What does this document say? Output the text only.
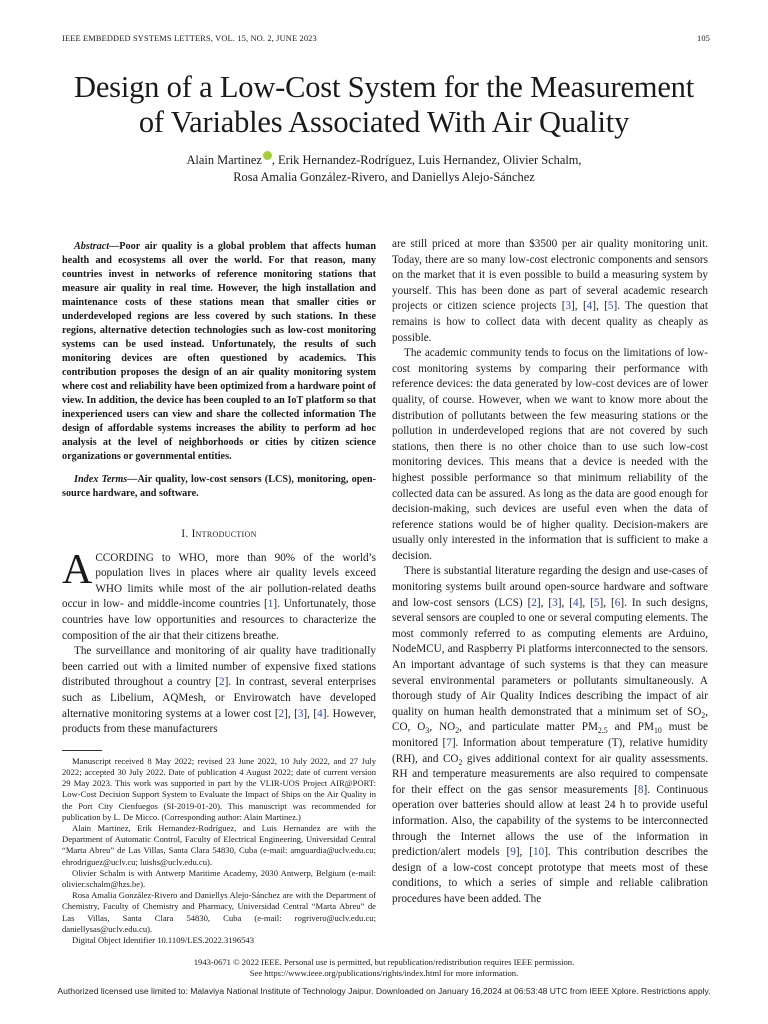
IEEE EMBEDDED SYSTEMS LETTERS, VOL. 15, NO. 2, JUNE 2023	105
Design of a Low-Cost System for the Measurement
of Variables Associated With Air Quality
Alain Martinez , Erik Hernandez-Rodríguez, Luis Hernandez, Olivier Schalm,
Rosa Amalia González-Rivero, and Daniellys Alejo-Sánchez

Abstract—Poor air quality is a global problem that affects human health and ecosystems all over the world. For that reason, many countries invest in networks of reference monitoring stations that measure air quality in real time. However, the high installation and maintenance costs of these stations mean that smaller cities or underdeveloped regions are less covered by such stations. In these regions, alternative detection technologies such as low-cost monitoring systems can be used instead. Unfortunately, the results of such monitoring devices are often questioned by academics. This contribution proposes the design of an air quality monitoring system where cost and reliability have been optimized from a hardware point of view. In addition, the device has been coupled to an IoT platform so that inexperienced users can view and share the collected information The design of affordable systems increases the ability to perform ad hoc analysis at the level of neighborhoods or cities by citizen science organizations or governmental entities.

Index Terms—Air quality, low-cost sensors (LCS), monitoring, open-source hardware, and software.

I. Introduction

ACCORDING to WHO, more than 90% of the world’s population lives in places where air quality levels exceed WHO limits while most of the air pollution-related deaths occur in low- and middle-income countries [1]. Unfortunately, those countries have low opportunities and resources to characterize the composition of the air that their citizens breathe.

The surveillance and monitoring of air quality have traditionally been carried out with a limited number of expensive fixed stations distributed throughout a country [2]. In contrast, several enterprises such as Libelium, AQMesh, or Envirowatch have developed alternative monitoring systems at a lower cost [2], [3], [4]. However, products from these manufacturers

Manuscript received 8 May 2022; revised 23 June 2022, 10 July 2022, and 27 July 2022; accepted 30 July 2022. Date of publication 4 August 2022; date of current version 29 May 2023. This work was supported in part by the VLIR-UOS Project AIR@PORT: Low-Cost Decision Support System to Evaluate the Impact of Ships on the Air Quality in the Port City Cienfuegos (SI-2019-01-20). This manuscript was recommended for publication by L. De Micco. (Corresponding author: Alain Martinez.)

Alain Martinez, Erik Hernandez-Rodríguez, and Luis Hernandez are with the Department of Automatic Control, Faculty of Electrical Engineering, Universidad Central “Marta Abreu” de Las Villas, Santa Clara 54830, Cuba (e-mail: amguardia@uclv.edu.cu; ehrodriguez@uclv.cu; luishs@uclv.edu.cu).

Olivier Schalm is with Antwerp Maritime Academy, 2030 Antwerp, Belgium (e-mail: olivier.schalm@hzs.be).

Rosa Amalia González-Rivero and Daniellys Alejo-Sánchez are with the Department of Chemistry, Faculty of Chemistry and Pharmacy, Universidad Central “Marta Abreu” de Las Villas, Santa Clara 54830, Cuba (e-mail: rogrivero@uclv.edu.cu; daniellysas@uclv.edu.cu).

Digital Object Identifier 10.1109/LES.2022.3196543

are still priced at more than $3500 per air quality monitoring unit. Today, there are so many low-cost electronic components and sensors on the market that it is even possible to build a measuring system by yourself. This has been done as part of several academic research projects or citizen science projects [3], [4], [5]. The question that remains is how to collect data with decent quality as cheaply as possible.

The academic community tends to focus on the limitations of low-cost monitoring systems by comparing their performance with reference devices: the data generated by low-cost devices are of lower quality, of course. However, when we want to know more about the distribution of pollutants between the few measuring stations or the pollution in underdeveloped regions that are not covered by such stations, then there is no other choice than to use such low-cost monitoring devices. This means that a device is needed with the highest possible performance so that minimum reliability of the collected data can be assured. As long as the data are good enough for decision-making, such devices are useful even when the data of reference stations would be of higher quality. Decision-makers are usually only interested in the information that is sufficient to make a decision.

There is substantial literature regarding the design and use-cases of monitoring systems built around open-source hardware and software and low-cost sensors (LCS) [2], [3], [4], [5], [6]. In such designs, several sensors are coupled to one or several computing elements. The most commonly referred to as computing elements are Arduino, NodeMCU, and Raspberry Pi platforms interconnected to the sensors. An important advantage of such systems is that they can measure several environmental parameters or pollutants simultaneously. A thorough study of Air Quality Indices describing the impact of air quality on human health demonstrated that a minimum set of $SO_2$, CO, $O_3$, $NO_2$, and particulate matter $PM_{2.5}$ and $PM_{10}$ must be monitored [7]. Information about temperature (T), relative humidity (RH), and $CO_2$ gives additional context for air quality assessments. RH and temperature measurements are also required to compensate for their effect on the gas sensor measurements [8]. Continuous operation over batteries should allow at least 24 h to provide useful information. Also, the capability of the systems to be interconnected through the Internet allows the use of the information in prediction/alert models [9], [10]. This contribution describes the design of a low-cost concept prototype that meets most of these conditions, to which a series of simple and reliable calibration procedures have been added. The

1943-0671 © 2022 IEEE. Personal use is permitted, but republication/redistribution requires IEEE permission.
See https://www.ieee.org/publications/rights/index.html for more information.
Authorized licensed use limited to: Malaviya National Institute of Technology Jaipur. Downloaded on January 16,2024 at 06:53:48 UTC from IEEE Xplore. Restrictions apply.
